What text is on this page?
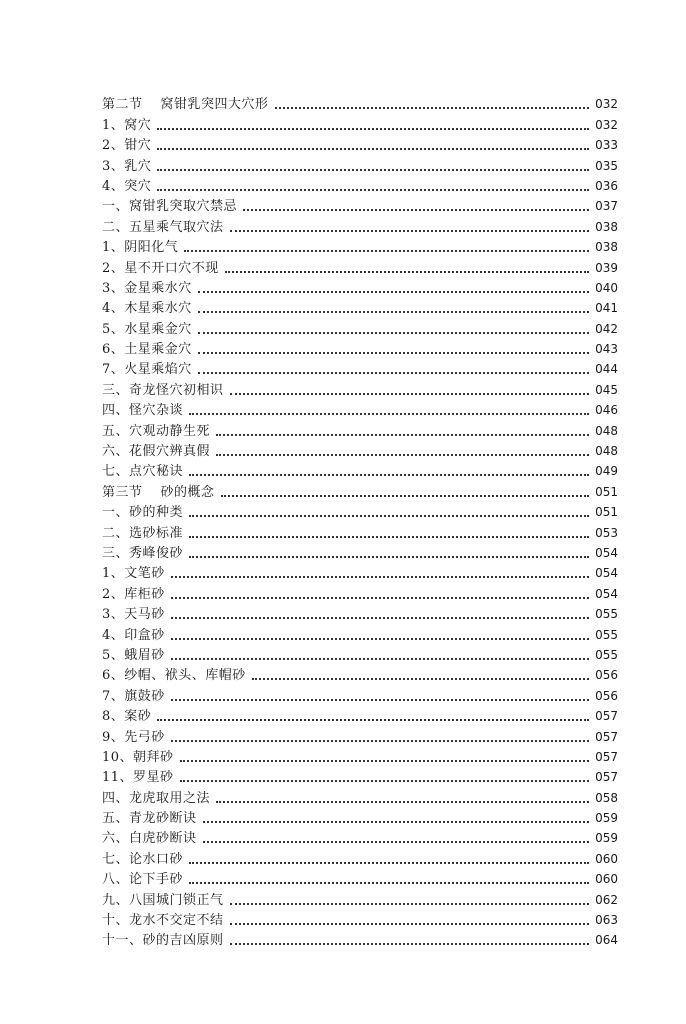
第二节 窝钳乳突四大穴形	032
1、窝穴	032
2、钳穴	033
3、乳穴	035
4、突穴	036
一、窝钳乳突取穴禁忌	037
二、五星乘气取穴法	038
1、阴阳化气	038
2、星不开口穴不现	039
3、金星乘水穴	040
4、木星乘水穴	041
5、水星乘金穴	042
6、土星乘金穴	043
7、火星乘焰穴	044
三、奇龙怪穴初相识	045
四、怪穴杂谈	046
五、穴观动静生死	048
六、花假穴辨真假	048
七、点穴秘诀	049
第三节 砂的概念	051
一、砂的种类	051
二、选砂标准	053
三、秀峰俊砂	054
1、文笔砂	054
2、库柜砂	054
3、天马砂	055
4、印盒砂	055
5、蛾眉砂	055
6、纱帽、袱头、库帽砂	056
7、旗鼓砂	056
8、案砂	057
9、先弓砂	057
10、朝拜砂	057
11、罗星砂	057
四、龙虎取用之法	058
五、青龙砂断诀	059
六、白虎砂断诀	059
七、论水口砂	060
八、论下手砂	060
九、八国城门锁正气	062
十、龙水不交定不结	063
十一、砂的吉凶原则	064
